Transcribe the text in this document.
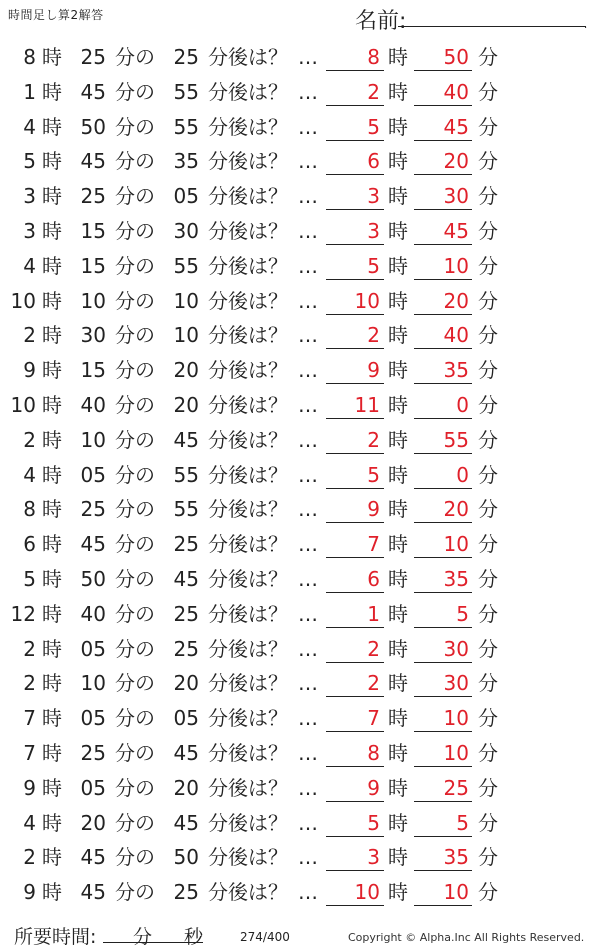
時間足し算2解答	名前:	.
8 時 25 分の 25 分後は？ …	8 時	50 分
1 時 45 分の 55 分後は？ …	2 時	40 分
4 時 50 分の 55 分後は？ …	5 時	45 分
5 時 45 分の 35 分後は？ …	6 時	20 分
3 時 25 分の 05 分後は？ …	3 時	30 分
3 時 15 分の 30 分後は？ …	3 時	45 分
4 時 15 分の 55 分後は？ …	5 時	10 分
10 時 10 分の 10 分後は？ …	10 時	20 分
2 時 30 分の 10 分後は？ …	2 時	40 分
9 時 15 分の 20 分後は？ …	9 時	35 分
10 時 40 分の 20 分後は？ …	11 時	0 分
2 時 10 分の 45 分後は？ …	2 時	55 分
4 時 05 分の 55 分後は？ …	5 時	0 分
8 時 25 分の 55 分後は？ …	9 時	20 分
6 時 45 分の 25 分後は？ …	7 時	10 分
5 時 50 分の 45 分後は？ …	6 時	35 分
12 時 40 分の 25 分後は？ …	1 時	5 分
2 時 05 分の 25 分後は？ …	2 時	30 分
2 時 10 分の 20 分後は？ …	2 時	30 分
7 時 05 分の 05 分後は？ …	7 時	10 分
7 時 25 分の 45 分後は？ …	8 時	10 分
9 時 05 分の 20 分後は？ …	9 時	25 分
4 時 20 分の 45 分後は？ …	5 時	5 分
2 時 45 分の 50 分後は？ …	3 時	35 分
9 時 45 分の 25 分後は？ …	10 時	10 分
所要時間: 分 秒	274/400	Copyright © Alpha.Inc All Rights Reserved.
